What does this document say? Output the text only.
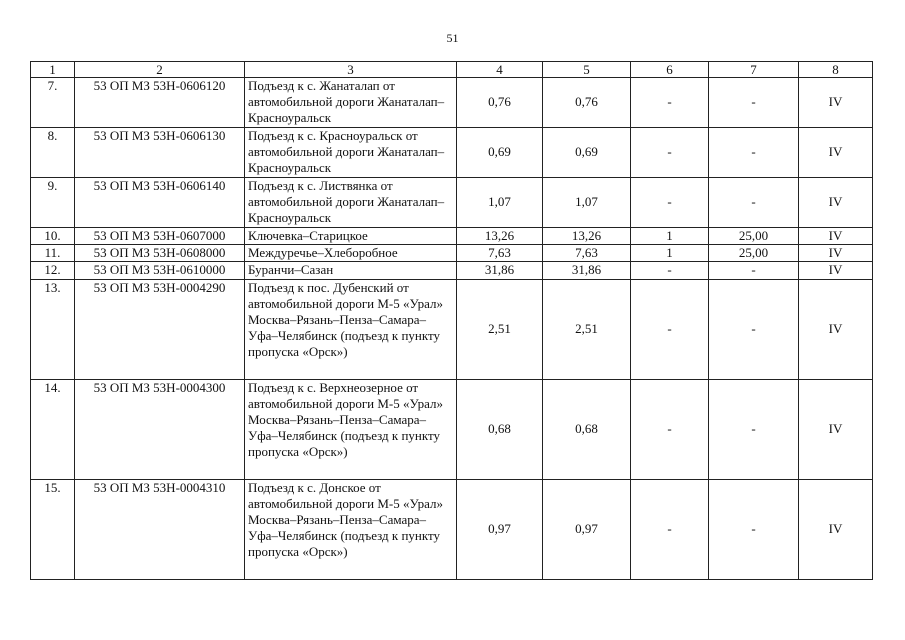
51
1	2	3	4	5	6	7	8
7.	53 ОП МЗ 53Н-0606120	Подъезд к с. Жанаталап от автомобильной дороги Жанаталап–Красноуральск	0,76	0,76	-	-	IV
8.	53 ОП МЗ 53Н-0606130	Подъезд к с. Красноуральск от автомобильной дороги Жанаталап–Красноуральск	0,69	0,69	-	-	IV
9.	53 ОП МЗ 53Н-0606140	Подъезд к с. Листвянка от автомобильной дороги Жанаталап–Красноуральск	1,07	1,07	-	-	IV
10.	53 ОП МЗ 53Н-0607000	Ключевка–Старицкое	13,26	13,26	1	25,00	IV
11.	53 ОП МЗ 53Н-0608000	Междуречье–Хлеборобное	7,63	7,63	1	25,00	IV
12.	53 ОП МЗ 53Н-0610000	Буранчи–Сазан	31,86	31,86	-	-	IV
13.	53 ОП МЗ 53Н-0004290	Подъезд к пос. Дубенский от автомобильной дороги М-5 «Урал» Москва–Рязань–Пенза–Самара–Уфа–Челябинск (подъезд к пункту пропуска «Орск»)	2,51	2,51	-	-	IV
14.	53 ОП МЗ 53Н-0004300	Подъезд к с. Верхнеозерное от автомобильной дороги М-5 «Урал» Москва–Рязань–Пенза–Самара–Уфа–Челябинск (подъезд к пункту пропуска «Орск»)	0,68	0,68	-	-	IV
15.	53 ОП МЗ 53Н-0004310	Подъезд к с. Донское от автомобильной дороги М-5 «Урал» Москва–Рязань–Пенза–Самара–Уфа–Челябинск (подъезд к пункту пропуска «Орск»)	0,97	0,97	-	-	IV
